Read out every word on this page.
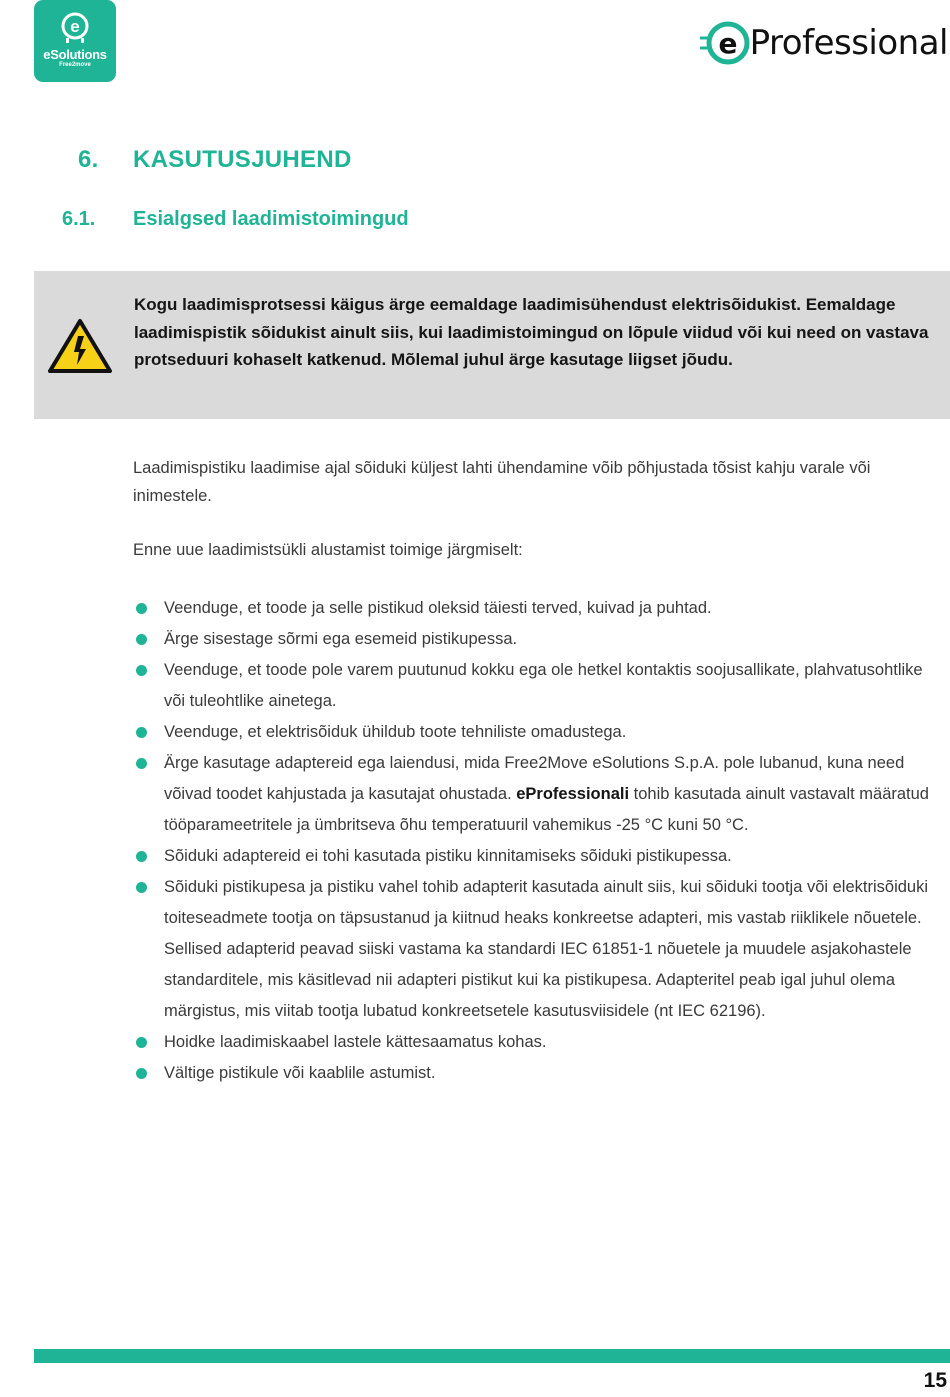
e
eSolutions
Free2move
e Professional
6. KASUTUSJUHEND
6.1. Esialgsed laadimistoimingud
Kogu laadimisprotsessi käigus ärge eemaldage laadimisühendust elektrisõidukist. Eemaldage laadimispistik sõidukist ainult siis, kui laadimistoimingud on lõpule viidud või kui need on vastava protseduuri kohaselt katkenud. Mõlemal juhul ärge kasutage liigset jõudu.
Laadimispistiku laadimise ajal sõiduki küljest lahti ühendamine võib põhjustada tõsist kahju varale või inimestele.
Enne uue laadimistsükli alustamist toimige järgmiselt:
Veenduge, et toode ja selle pistikud oleksid täiesti terved, kuivad ja puhtad.
Ärge sisestage sõrmi ega esemeid pistikupessa.
Veenduge, et toode pole varem puutunud kokku ega ole hetkel kontaktis soojusallikate, plahvatusohtlike või tuleohtlike ainetega.
Veenduge, et elektrisõiduk ühildub toote tehniliste omadustega.
Ärge kasutage adaptereid ega laiendusi, mida Free2Move eSolutions S.p.A. pole lubanud, kuna need võivad toodet kahjustada ja kasutajat ohustada. eProfessionali tohib kasutada ainult vastavalt määratud tööparameetritele ja ümbritseva õhu temperatuuril vahemikus -25 °C kuni 50 °C.
Sõiduki adaptereid ei tohi kasutada pistiku kinnitamiseks sõiduki pistikupessa.
Sõiduki pistikupesa ja pistiku vahel tohib adapterit kasutada ainult siis, kui sõiduki tootja või elektrisõiduki toiteseadmete tootja on täpsustanud ja kiitnud heaks konkreetse adapteri, mis vastab riiklikele nõuetele. Sellised adapterid peavad siiski vastama ka standardi IEC 61851-1 nõuetele ja muudele asjakohastele standarditele, mis käsitlevad nii adapteri pistikut kui ka pistikupesa. Adapteritel peab igal juhul olema märgistus, mis viitab tootja lubatud konkreetsetele kasutusviisidele (nt IEC 62196).
Hoidke laadimiskaabel lastele kättesaamatus kohas.
Vältige pistikule või kaablile astumist.
15
